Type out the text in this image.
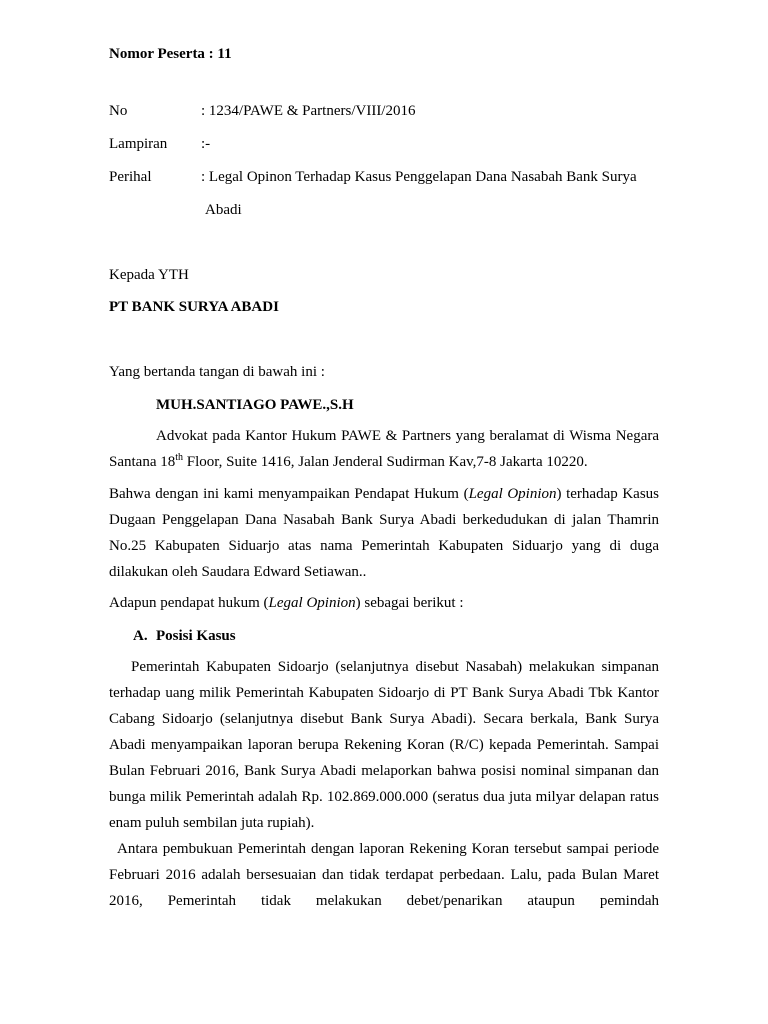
Nomor Peserta : 11
No	: 1234/PAWE & Partners/VIII/2016
Lampiran :-
Perihal	: Legal Opinon Terhadap Kasus Penggelapan Dana Nasabah Bank Surya
Abadi
Kepada YTH
PT BANK SURYA ABADI
Yang bertanda tangan di bawah ini :
MUH.SANTIAGO PAWE.,S.H

Advokat pada Kantor Hukum PAWE & Partners yang beralamat di Wisma Negara Santana 18th Floor, Suite 1416, Jalan Jenderal Sudirman Kav,7-8 Jakarta 10220.

Bahwa dengan ini kami menyampaikan Pendapat Hukum (Legal Opinion) terhadap Kasus Dugaan Penggelapan Dana Nasabah Bank Surya Abadi berkedudukan di jalan Thamrin No.25 Kabupaten Siduarjo atas nama Pemerintah Kabupaten Siduarjo yang di duga dilakukan oleh Saudara Edward Setiawan..

Adapun pendapat hukum (Legal Opinion) sebagai berikut :
A. Posisi Kasus

Pemerintah Kabupaten Sidoarjo (selanjutnya disebut Nasabah) melakukan simpanan terhadap uang milik Pemerintah Kabupaten Sidoarjo di PT Bank Surya Abadi Tbk Kantor Cabang Sidoarjo (selanjutnya disebut Bank Surya Abadi). Secara berkala, Bank Surya Abadi menyampaikan laporan berupa Rekening Koran (R/C) kepada Pemerintah. Sampai Bulan Februari 2016, Bank Surya Abadi melaporkan bahwa posisi nominal simpanan dan bunga milik Pemerintah adalah Rp. 102.869.000.000 (seratus dua juta milyar delapan ratus enam puluh sembilan juta rupiah).

Antara pembukuan Pemerintah dengan laporan Rekening Koran tersebut sampai periode Februari 2016 adalah bersesuaian dan tidak terdapat perbedaan. Lalu, pada Bulan Maret 2016, Pemerintah tidak melakukan debet/penarikan ataupun pemindah
